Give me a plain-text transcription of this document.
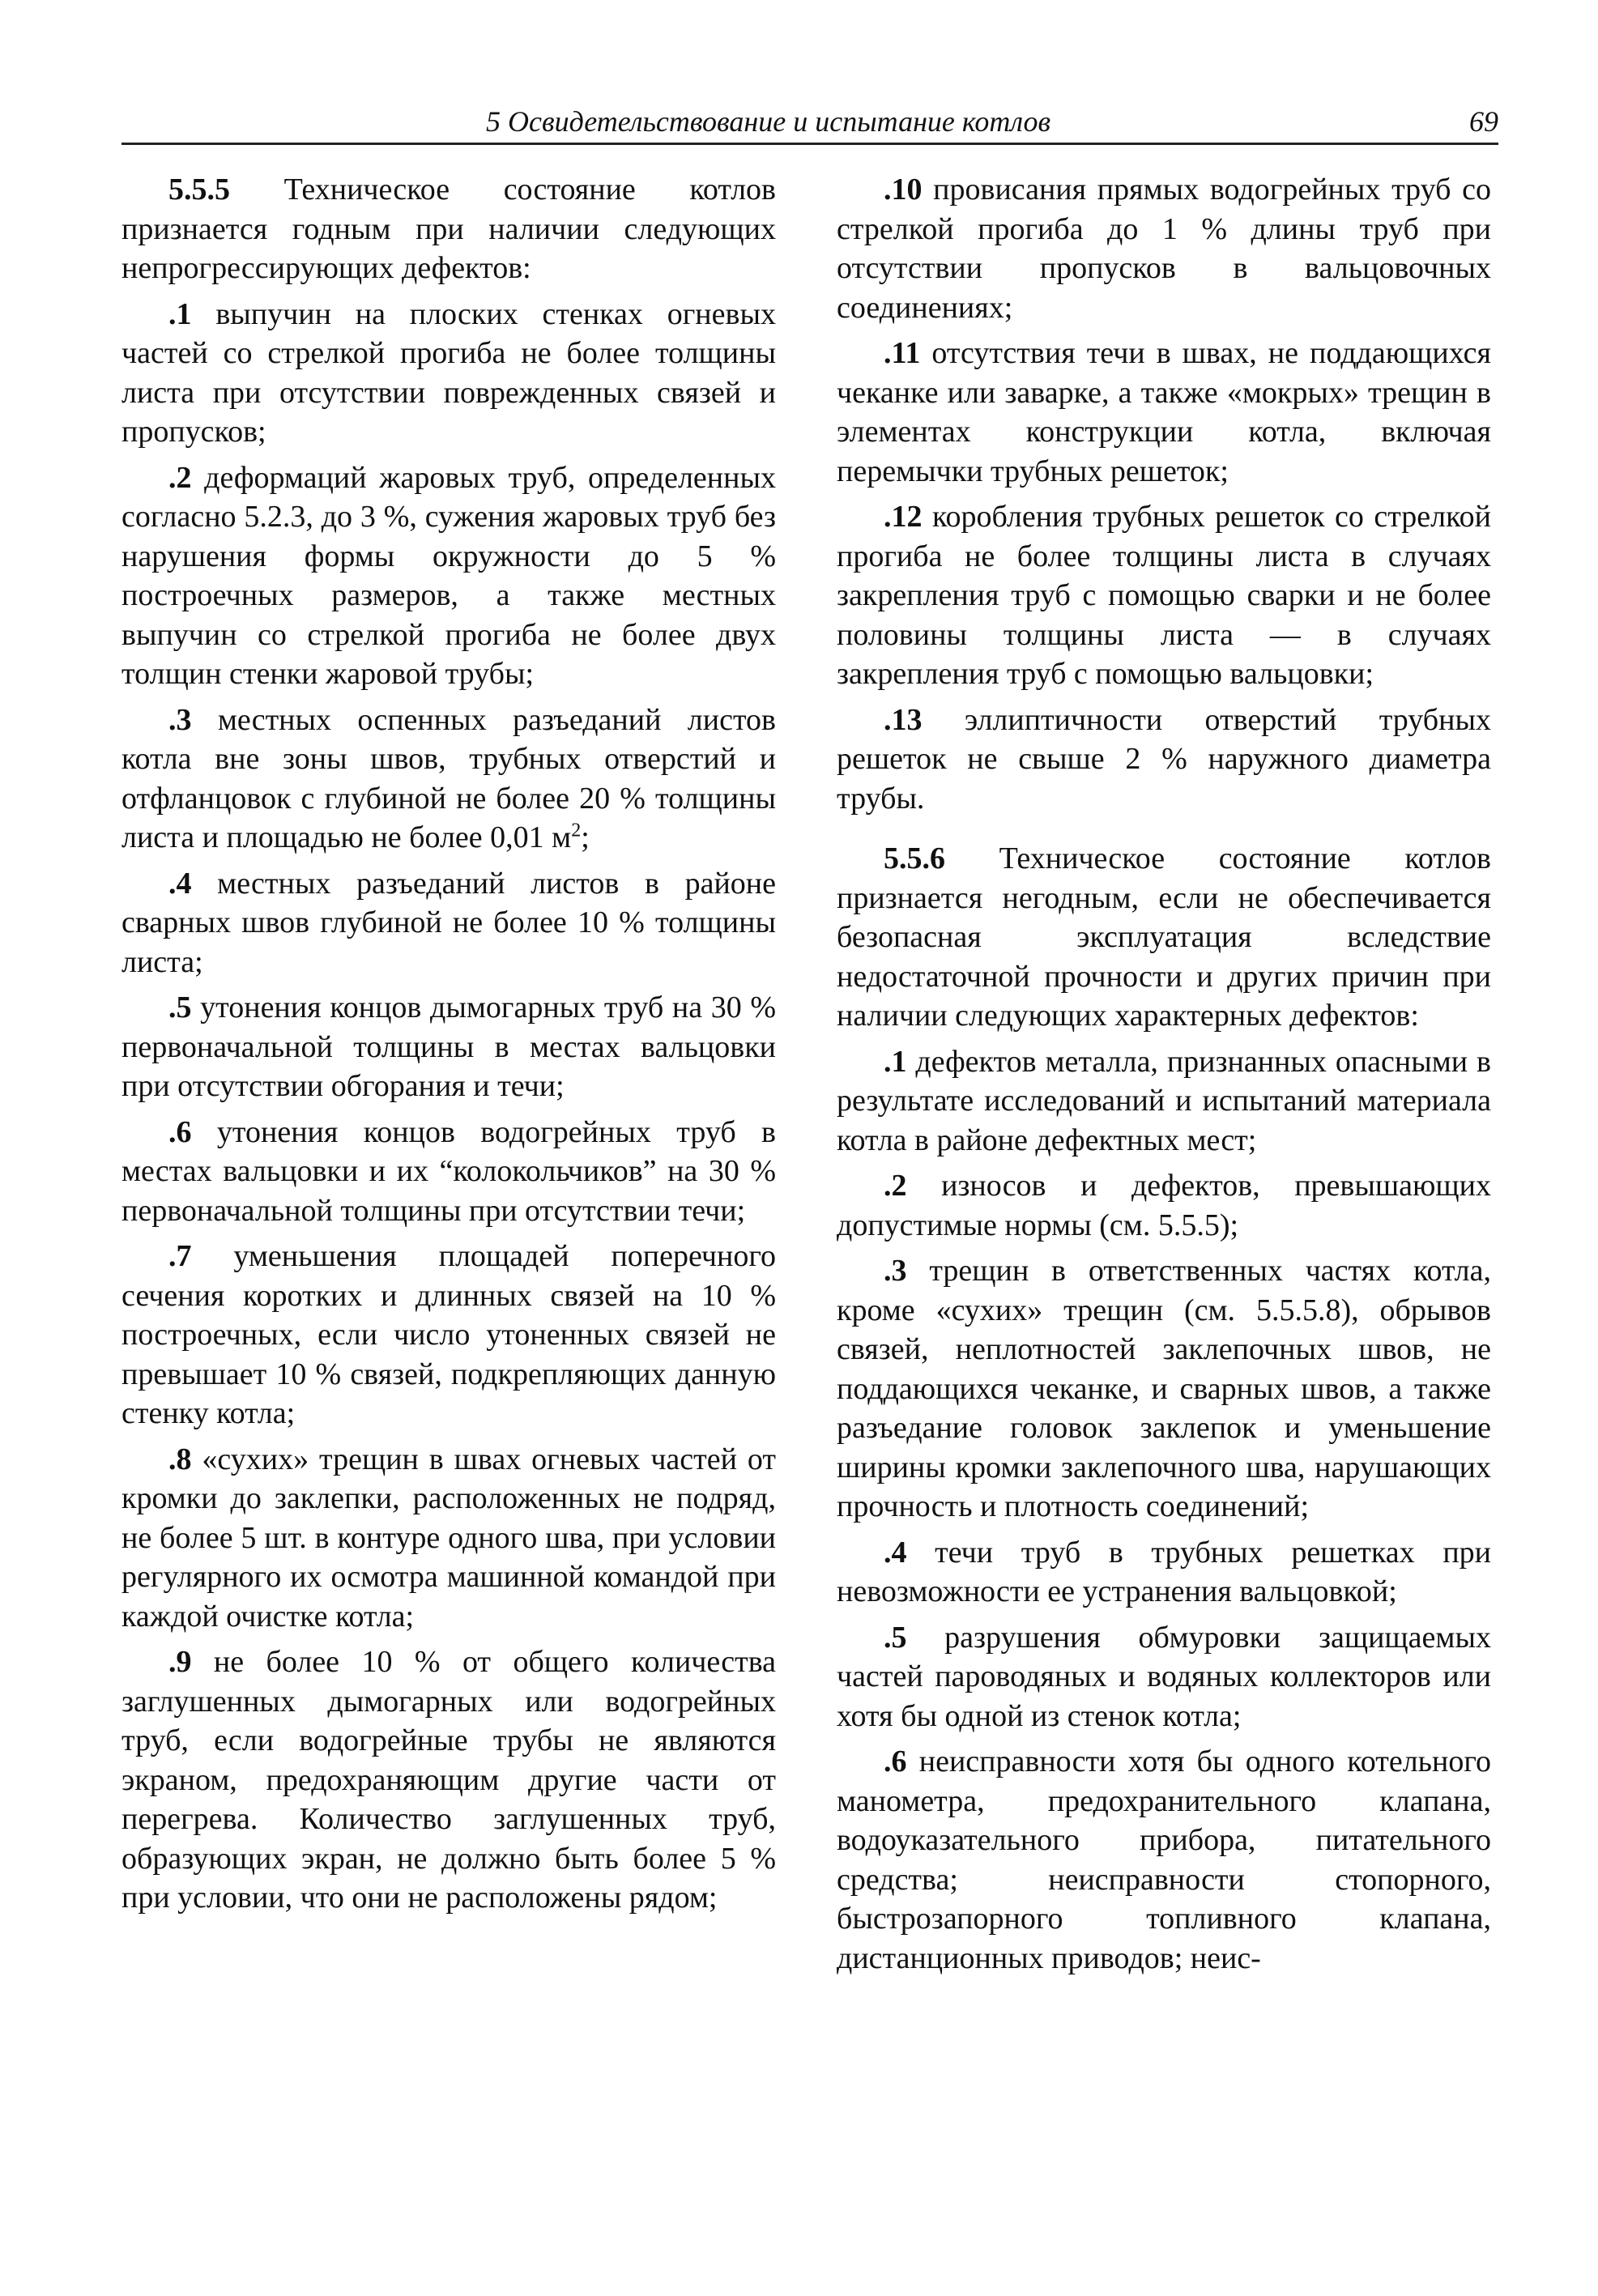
5 Освидетельствование и испытание котлов	69

5.5.5 Техническое состояние котлов признается годным при наличии следующих непрогрессирующих дефектов:

.1 выпучин на плоских стенках огневых частей со стрелкой прогиба не более толщины листа при отсутствии поврежденных связей и пропусков;

.2 деформаций жаровых труб, определенных согласно 5.2.3, до 3 %, сужения жаровых труб без нарушения формы окружности до 5 % построечных размеров, а также местных выпучин со стрелкой прогиба не более двух толщин стенки жаровой трубы;

.3 местных оспенных разъеданий листов котла вне зоны швов, трубных отверстий и отфланцовок с глубиной не более 20 % толщины листа и площадью не более 0,01 $м^2$;

.4 местных разъеданий листов в районе сварных швов глубиной не более 10 % толщины листа;

.5 утонения концов дымогарных труб на 30 % первоначальной толщины в местах вальцовки при отсутствии обгорания и течи;

.6 утонения концов водогрейных труб в местах вальцовки и их “колокольчиков” на 30 % первоначальной толщины при отсутствии течи;

.7 уменьшения площадей поперечного сечения коротких и длинных связей на 10 % построечных, если число утоненных связей не превышает 10 % связей, подкрепляющих данную стенку котла;

.8 «сухих» трещин в швах огневых частей от кромки до заклепки, расположенных не подряд, не более 5 шт. в контуре одного шва, при условии регулярного их осмотра машинной командой при каждой очистке котла;

.9 не более 10 % от общего количества заглушенных дымогарных или водогрейных труб, если водогрейные трубы не являются экраном, предохраняющим другие части от перегрева. Количество заглушенных труб, образующих экран, не должно быть более 5 % при условии, что они не расположены рядом;

.10 провисания прямых водогрейных труб со стрелкой прогиба до 1 % длины труб при отсутствии пропусков в вальцовочных соединениях;

.11 отсутствия течи в швах, не поддающихся чеканке или заварке, а также «мокрых» трещин в элементах конструкции котла, включая перемычки трубных решеток;

.12 коробления трубных решеток со стрелкой прогиба не более толщины листа в случаях закрепления труб с помощью сварки и не более половины толщины листа — в случаях закрепления труб с помощью вальцовки;

.13 эллиптичности отверстий трубных решеток не свыше 2 % наружного диаметра трубы.

5.5.6 Техническое состояние котлов признается негодным, если не обеспечивается безопасная эксплуатация вследствие недостаточной прочности и других причин при наличии следующих характерных дефектов:

.1 дефектов металла, признанных опасными в результате исследований и испытаний материала котла в районе дефектных мест;

.2 износов и дефектов, превышающих допустимые нормы (см. 5.5.5);

.3 трещин в ответственных частях котла, кроме «сухих» трещин (см. 5.5.5.8), обрывов связей, неплотностей заклепочных швов, не поддающихся чеканке, и сварных швов, а также разъедание головок заклепок и уменьшение ширины кромки заклепочного шва, нарушающих прочность и плотность соединений;

.4 течи труб в трубных решетках при невозможности ее устранения вальцовкой;

.5 разрушения обмуровки защищаемых частей пароводяных и водяных коллекторов или хотя бы одной из стенок котла;

.6 неисправности хотя бы одного котельного манометра, предохранительного клапана, водоуказательного прибора, питательного средства; неисправности стопорного, быстрозапорного топливного клапана, дистанционных приводов; неис-
